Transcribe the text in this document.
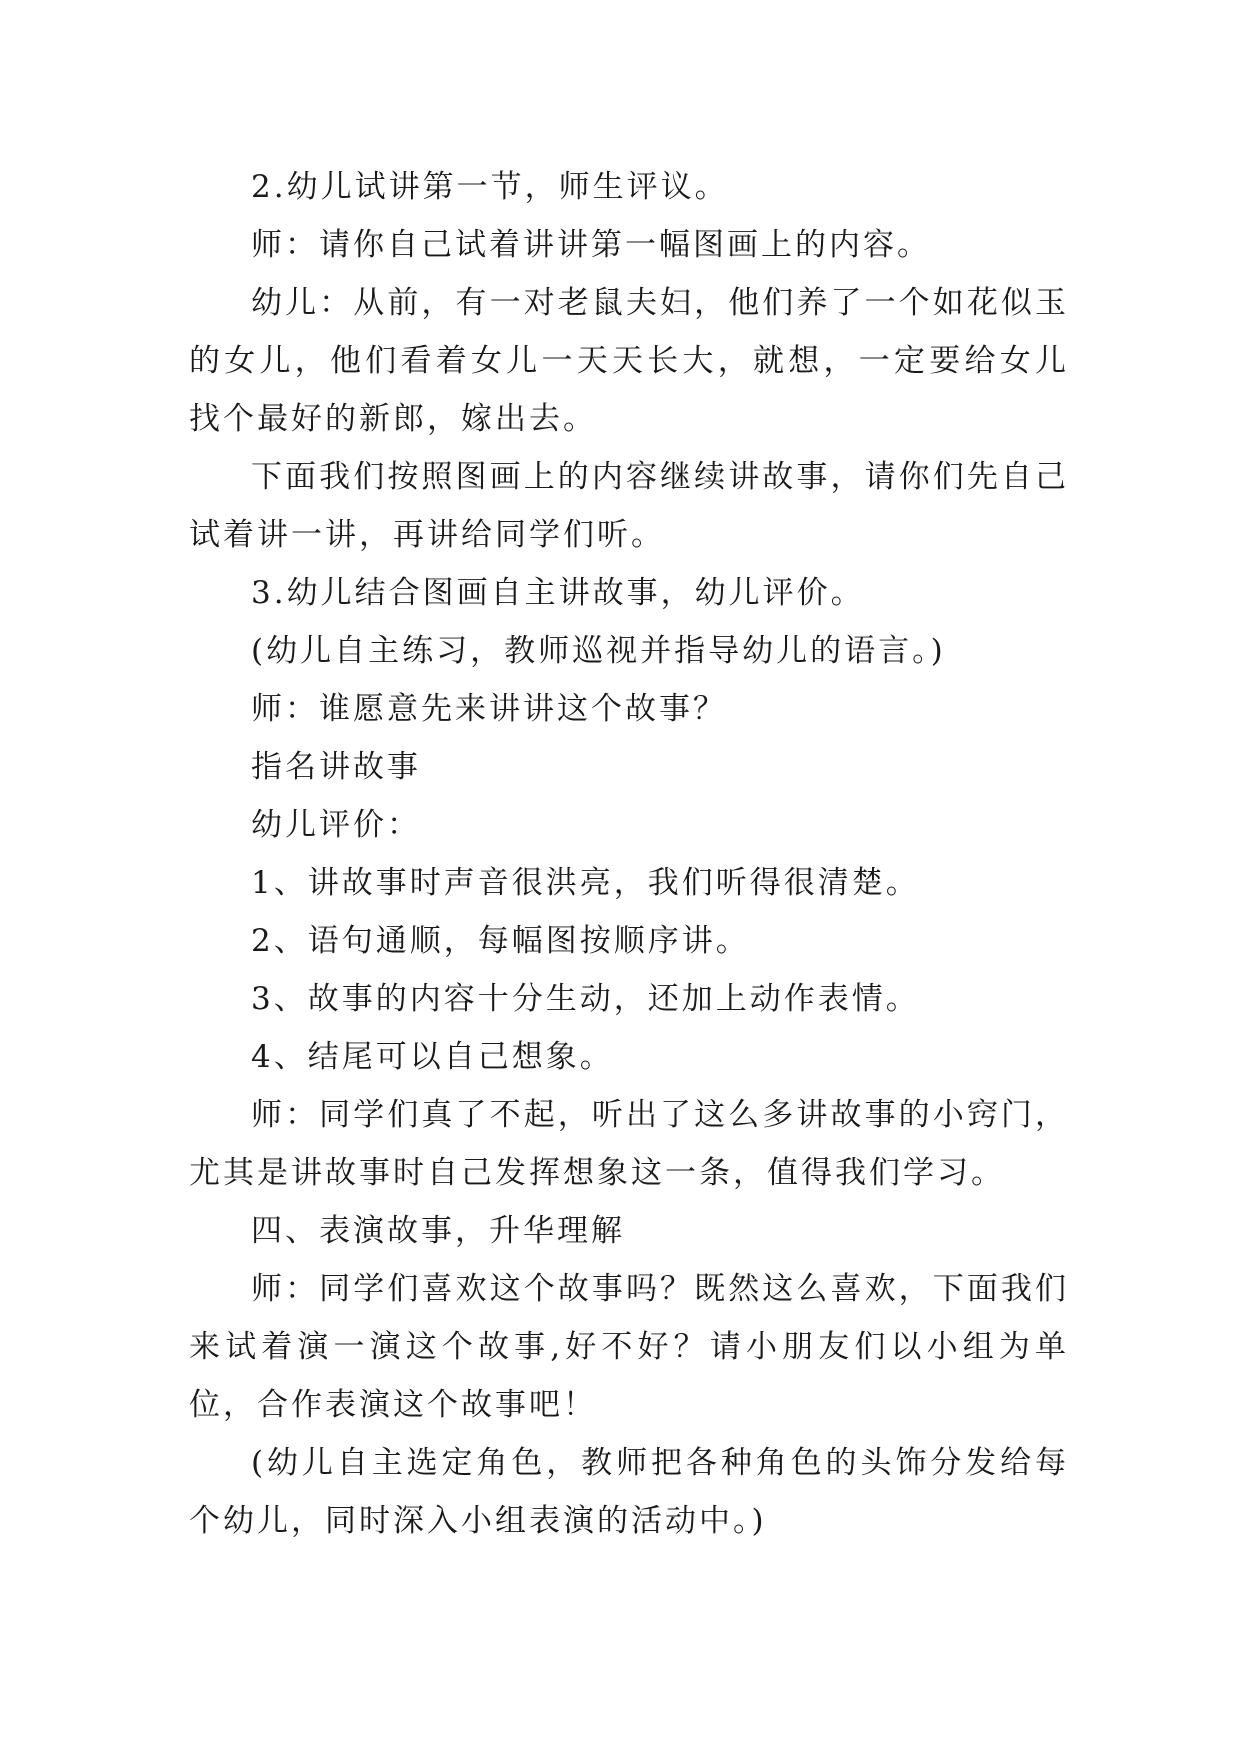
2.幼儿试讲第一节，师生评议。

师：请你自己试着讲讲第一幅图画上的内容。

幼儿：从前，有一对老鼠夫妇，他们养了一个如花似玉的女儿，他们看着女儿一天天长大，就想，一定要给女儿找个最好的新郎，嫁出去。

下面我们按照图画上的内容继续讲故事，请你们先自己试着讲一讲，再讲给同学们听。

3.幼儿结合图画自主讲故事，幼儿评价。

(幼儿自主练习，教师巡视并指导幼儿的语言。)

师：谁愿意先来讲讲这个故事？

指名讲故事

幼儿评价：

1、讲故事时声音很洪亮，我们听得很清楚。

2、语句通顺，每幅图按顺序讲。

3、故事的内容十分生动，还加上动作表情。

4、结尾可以自己想象。

师：同学们真了不起，听出了这么多讲故事的小窍门，尤其是讲故事时自己发挥想象这一条，值得我们学习。

四、表演故事，升华理解

师：同学们喜欢这个故事吗？既然这么喜欢，下面我们来试着演一演这个故事,好不好？请小朋友们以小组为单位，合作表演这个故事吧！

(幼儿自主选定角色，教师把各种角色的头饰分发给每个幼儿，同时深入小组表演的活动中。)
